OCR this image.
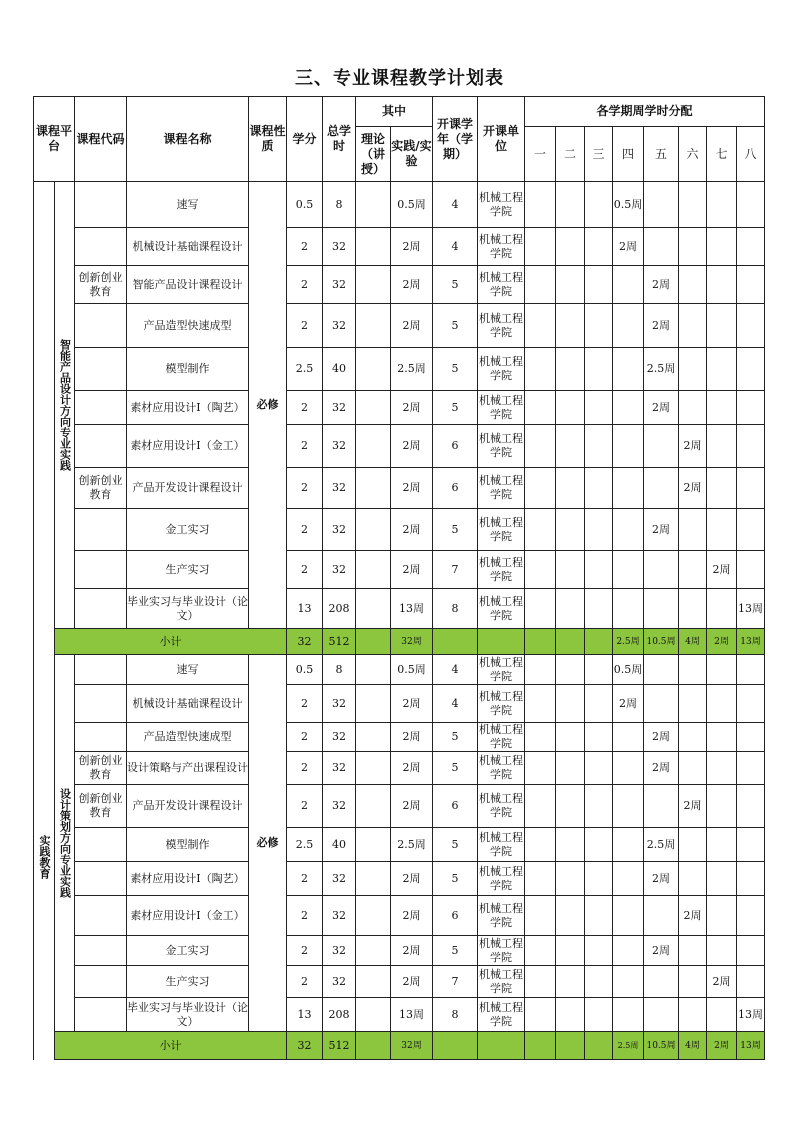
三、专业课程教学计划表
课程平台		课程代码	课程名称	课程性质	学分	总学时	其中		开课学年（学期）	开课单位	各学期周学时分配							
							理论（讲授）	实践/实验			一	二	三	四	五	六	七	八
	智能产品设计方向专业实践		速写	必修	0.5	8		0.5周	4	机械工程学院				0.5周				
			机械设计基础课程设计		2	32		2周	4	机械工程学院				2周				
		创新创业教育	智能产品设计课程设计		2	32		2周	5	机械工程学院					2周			
			产品造型快速成型		2	32		2周	5	机械工程学院					2周			
			模型制作		2.5	40		2.5周	5	机械工程学院					2.5周			
			素材应用设计Ⅰ（陶艺）		2	32		2周	5	机械工程学院					2周			
			素材应用设计Ⅰ（金工）		2	32		2周	6	机械工程学院						2周		
		创新创业教育	产品开发设计课程设计		2	32		2周	6	机械工程学院						2周		
			金工实习		2	32		2周	5	机械工程学院					2周			
			生产实习		2	32		2周	7	机械工程学院							2周	
			毕业实习与毕业设计（论文）		13	208		13周	8	机械工程学院								13周
	小计				32	512		32周						2.5周	10.5周	4周	2周	13周
实践教育	设计策划方向专业实践		速写	必修	0.5	8		0.5周	4	机械工程学院				0.5周				
			机械设计基础课程设计		2	32		2周	4	机械工程学院				2周				
			产品造型快速成型		2	32		2周	5	机械工程学院					2周			
		创新创业教育	设计策略与产出课程设计		2	32		2周	5	机械工程学院					2周			
		创新创业教育	产品开发设计课程设计		2	32		2周	6	机械工程学院						2周		
			模型制作		2.5	40		2.5周	5	机械工程学院					2.5周			
			素材应用设计Ⅰ（陶艺）		2	32		2周	5	机械工程学院					2周			
			素材应用设计Ⅰ（金工）		2	32		2周	6	机械工程学院						2周		
			金工实习		2	32		2周	5	机械工程学院					2周			
			生产实习		2	32		2周	7	机械工程学院							2周	
			毕业实习与毕业设计（论文）		13	208		13周	8	机械工程学院								13周
	小计				32	512		32周						2.5周	10.5周	4周	2周	13周
